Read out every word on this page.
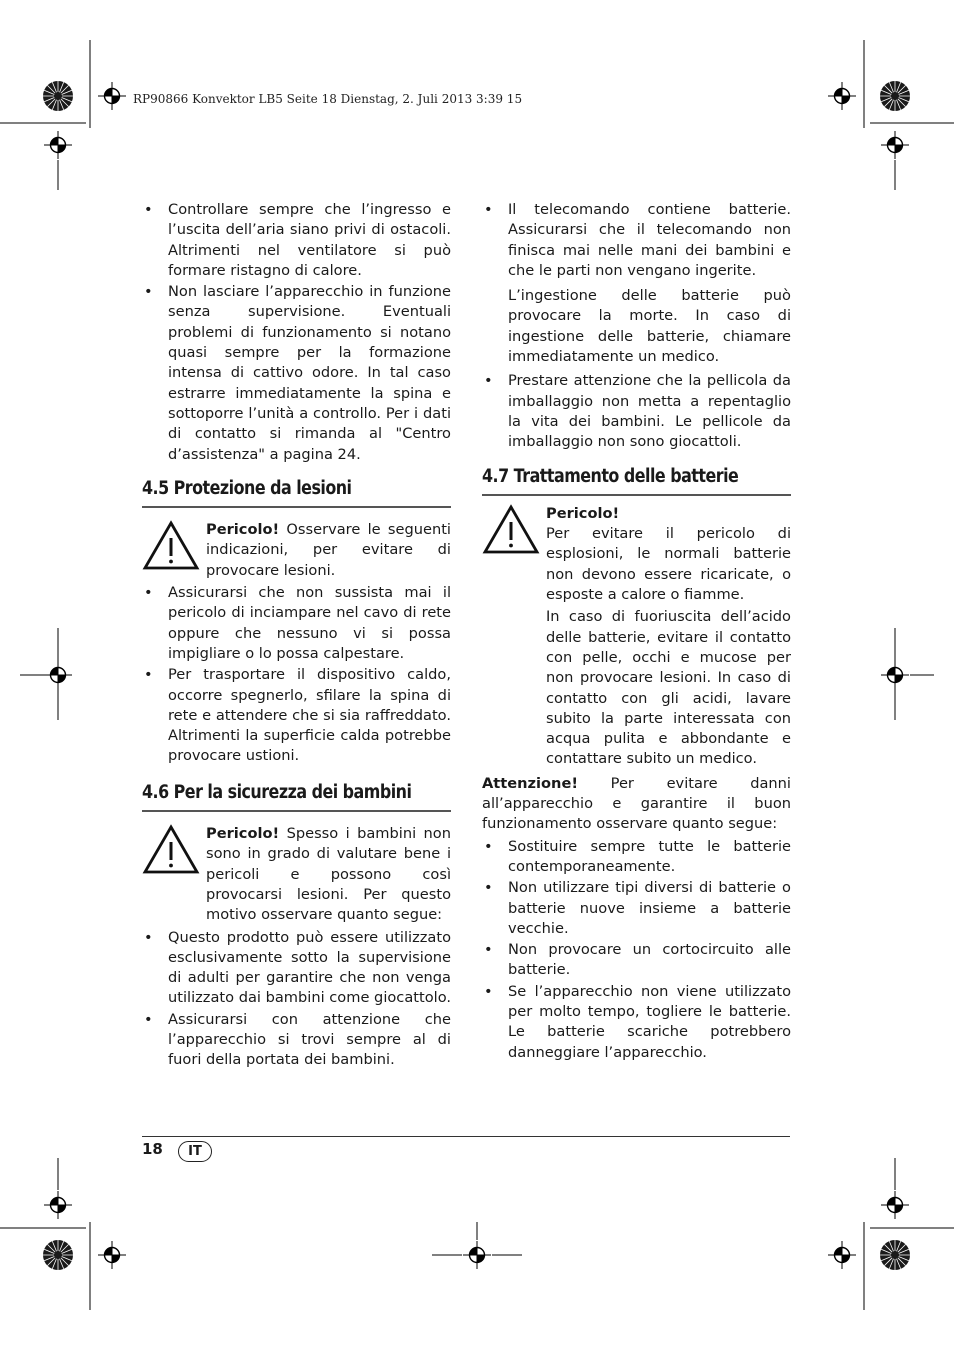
RP90866 Konvektor LB5 Seite 18 Dienstag, 2. Juli 2013 3:39 15
• Controllare sempre che l’ingresso e l’uscita dell’aria siano privi di ostacoli. Altrimenti nel ventilatore si può formare ristagno di calore.
• Non lasciare l’apparecchio in funzione senza supervisione. Eventuali problemi di funzionamento si notano quasi sempre per la formazione intensa di cattivo odore. In tal caso estrarre immediatamente la spina e sottoporre l’unità a controllo. Per i dati di contatto si rimanda al "Centro d’assistenza" a pagina 24.
4.5 Protezione da lesioni
Pericolo! Osservare le seguenti indicazioni, per evitare di provocare lesioni.
• Assicurarsi che non sussista mai il pericolo di inciampare nel cavo di rete oppure che nessuno vi si possa impigliare o lo possa calpestare.
• Per trasportare il dispositivo caldo, occorre spegnerlo, sfilare la spina di rete e attendere che si sia raffreddato. Altrimenti la superficie calda potrebbe provocare ustioni.
4.6 Per la sicurezza dei bambini
Pericolo! Spesso i bambini non sono in grado di valutare bene i pericoli e possono così provocarsi lesioni. Per questo motivo osservare quanto segue:
• Questo prodotto può essere utilizzato esclusivamente sotto la supervisione di adulti per garantire che non venga utilizzato dai bambini come giocattolo.
• Assicurarsi con attenzione che l’apparecchio si trovi sempre al di fuori della portata dei bambini.
• Il telecomando contiene batterie. Assicurarsi che il telecomando non finisca mai nelle mani dei bambini e che le parti non vengano ingerite.

L’ingestione delle batterie può provocare la morte. In caso di ingestione delle batterie, chiamare immediatamente un medico.

• Prestare attenzione che la pellicola da imballaggio non metta a repentaglio la vita dei bambini. Le pellicole da imballaggio non sono giocattoli.
4.7 Trattamento delle batterie

Pericolo!

Per evitare il pericolo di esplosioni, le normali batterie non devono essere ricaricate, o esposte a calore o fiamme.

In caso di fuoriuscita dell’acido delle batterie, evitare il contatto con pelle, occhi e mucose per non provocare lesioni. In caso di contatto con gli acidi, lavare subito la parte interessata con acqua pulita e abbondante e contattare subito un medico.

Attenzione! Per evitare danni all’apparecchio e garantire il buon funzionamento osservare quanto segue:

• Sostituire sempre tutte le batterie contemporaneamente.
• Non utilizzare tipi diversi di batterie o batterie nuove insieme a batterie vecchie.
• Non provocare un cortocircuito alle batterie.
• Se l’apparecchio non viene utilizzato per molto tempo, togliere le batterie. Le batterie scariche potrebbero danneggiare l’apparecchio.
18	IT
